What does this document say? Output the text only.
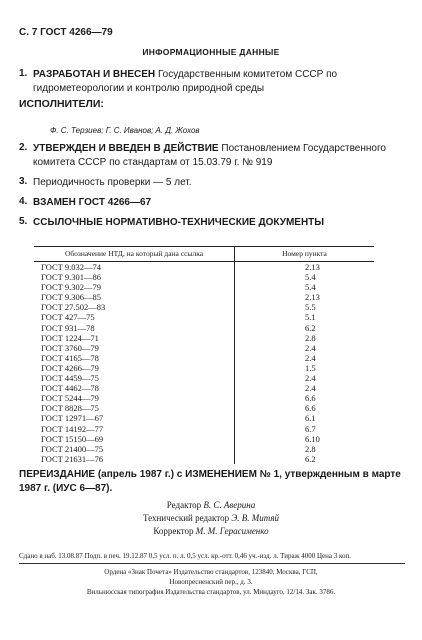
С. 7 ГОСТ 4266—79
ИНФОРМАЦИОННЫЕ ДАННЫЕ
1. РАЗРАБОТАН И ВНЕСЕН Государственным комитетом СССР по гидрометеорологии и контролю природной среды
ИСПОЛНИТЕЛИ:
Ф. С. Терзиев; Г. С. Иванов; А. Д. Жохов
2. УТВЕРЖДЕН И ВВЕДЕН В ДЕЙСТВИЕ Постановлением Государственного комитета СССР по стандартам от 15.03.79 г. № 919
3. Периодичность проверки — 5 лет.
4. ВЗАМЕН ГОСТ 4266—67
5. ССЫЛОЧНЫЕ НОРМАТИВНО-ТЕХНИЧЕСКИЕ ДОКУМЕНТЫ
Обозначение НТД, на который дана ссылка	Номер пункта
ГОСТ 9.032—74	2.13
ГОСТ 9.301—86	5.4
ГОСТ 9.302—79	5.4
ГОСТ 9.306—85	2.13
ГОСТ 27.502—83	5.5
ГОСТ 427—75	5.1
ГОСТ 931—78	6.2
ГОСТ 1224—71	2.8
ГОСТ 3760—79	2.4
ГОСТ 4165—78	2.4
ГОСТ 4266—79	1.5
ГОСТ 4459—75	2.4
ГОСТ 4462—78	2.4
ГОСТ 5244—79	6.6
ГОСТ 8828—75	6.6
ГОСТ 12971—67	6.1
ГОСТ 14192—77	6.7
ГОСТ 15150—69	6.10
ГОСТ 21400—75	2.8
ГОСТ 21631—76	6.2
ПЕРЕИЗДАНИЕ (апрель 1987 г.) с ИЗМЕНЕНИЕМ № 1, утвержденным в марте 1987 г. (ИУС 6—87).
Редактор В. С. Аверина
Технический редактор Э. В. Митяй
Корректор М. М. Герасименко
Сдано в наб. 13.08.87 Подп. в печ. 19.12.87 0,5 усл. п. л. 0,5 усл. кр.-отт. 0,46 уч.-изд. л. Тираж 4000 Цена 3 коп.
Ордена «Знак Почета» Издательство стандартов, 123840, Москва, ГСП,
Новопресненский пер., д. 3.
Вильнюсская типография Издательства стандартов, ул. Миндауго, 12/14. Зак. 3786.
